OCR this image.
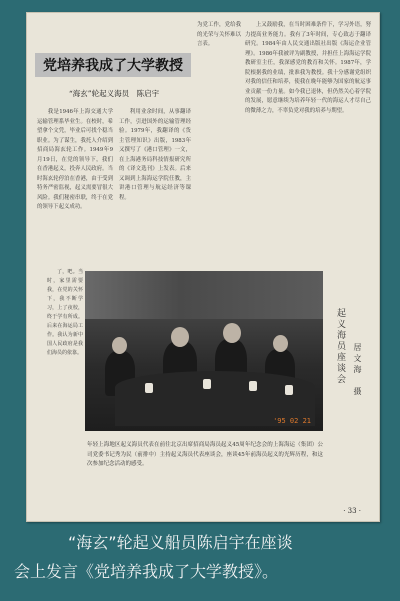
为党工作，党给我的光荣与关怀难以言表。
党培养我成了大学教授
“海玄”轮起义海员　陈启宇

我是1946年上海交通大学运输管理系毕业生。在校时，希望拿个文凭，毕业后可找个稳当职业。为了谋生，我托人介绍到招商局海玄轮工作。1949年9月19日，在党的领导下，我们在香港起义，投奔人民政府。当时海玄轮停泊在香港，由于受到特务严密监视，起义需要冒很大风险。我们秘密串联，终于在党的领导下起义成功。

利用业余时间，从事翻译工作，引进国外的运输管理经验。1979年，我翻译的《货主管理知识》出版，1983年又撰写了《港口管理》一文，在上海港务局科技情报研究所的《译文选刊》上发表。后来又调到上海海运学院任教，主讲港口管理与航运经济等课程。

上又鼓励我，在当时困难条件下，学习外语，努力提高业务能力。我有了3年时间，专心致志于翻译研究。1984年由人民交通出版社出版《海运企业管理》。1986年我被评为副教授，并担任上海海运学院教研室主任，我深感党的教育和关怀。1987年，学院根据我的业绩，批准我为教授。我十分感谢党组织对我的信任和培养，使我在晚年能够为国家的航运事业贡献一份力量。如今我已退休，但仍然关心着学院的发展，愿意继续为培养年轻一代的海运人才尽自己的微薄之力，不辜负党对我的培养与期望。

了，吧。当时，家里需要我，在党的关怀下，我不断学习，上了夜校，终于学有所成。后来在海运局工作。我认为新中国人民政府是我们海员的依靠。

'95 02 21
起义海员座谈会	居文海　摄
年轻上海地区起义海员代表在前往北京出席招商局海员起义45周年纪念会的上海海运（集团）公司党委书记秀为民（前排中）主持起义海员代表座谈会，座谈45年前海员起义的光辉历程，和这次参加纪念活动的感受。
· 33 ·
“海玄”轮起义船员陈启宇在座谈
会上发言《党培养我成了大学教授》。
